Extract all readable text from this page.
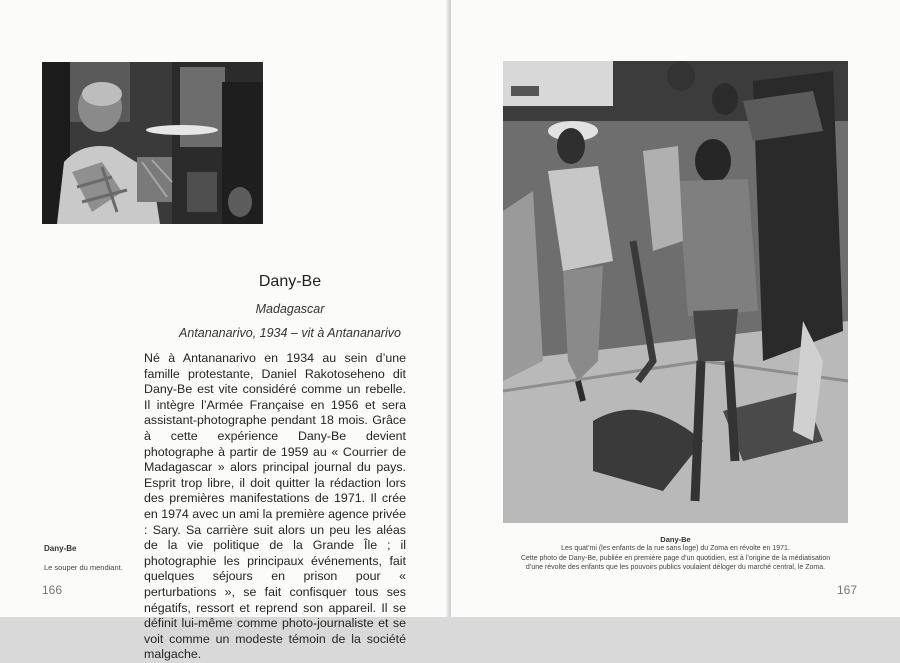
Dany-Be
Madagascar
Antananarivo, 1934 – vit à Antananarivo
Né à Antananarivo en 1934 au sein d’une famille protestante, Daniel Rakotoseheno dit Dany-Be est vite considéré comme un rebelle. Il intègre l’Armée Française en 1956 et sera assistant-photographe pendant 18 mois. Grâce à cette expérience Dany-Be devient photographe à partir de 1959 au « Courrier de Madagascar » alors principal journal du pays. Esprit trop libre, il doit quitter la rédaction lors des premières manifestations de 1971. Il crée en 1974 avec un ami la première agence privée : Sary. Sa carrière suit alors un peu les aléas de la vie politique de la Grande Île ; il photographie les principaux événements, fait quelques séjours en prison pour « perturbations », se fait confisquer tous ses négatifs, ressort et reprend son appareil. Il se définit lui-même comme photo-journaliste et se voit comme un modeste témoin de la société malgache.
Dany-Be
Le souper du mendiant.
166
Dany-Be
Les quat’mi (les enfants de la rue sans loge) du Zoma en révolte en 1971.
Cette photo de Dany-Be, publiée en première page d’un quotidien, est à l’origine de la médiatisation
d’une révolte des enfants que les pouvoirs publics voulaient déloger du marché central, le Zoma.
167
